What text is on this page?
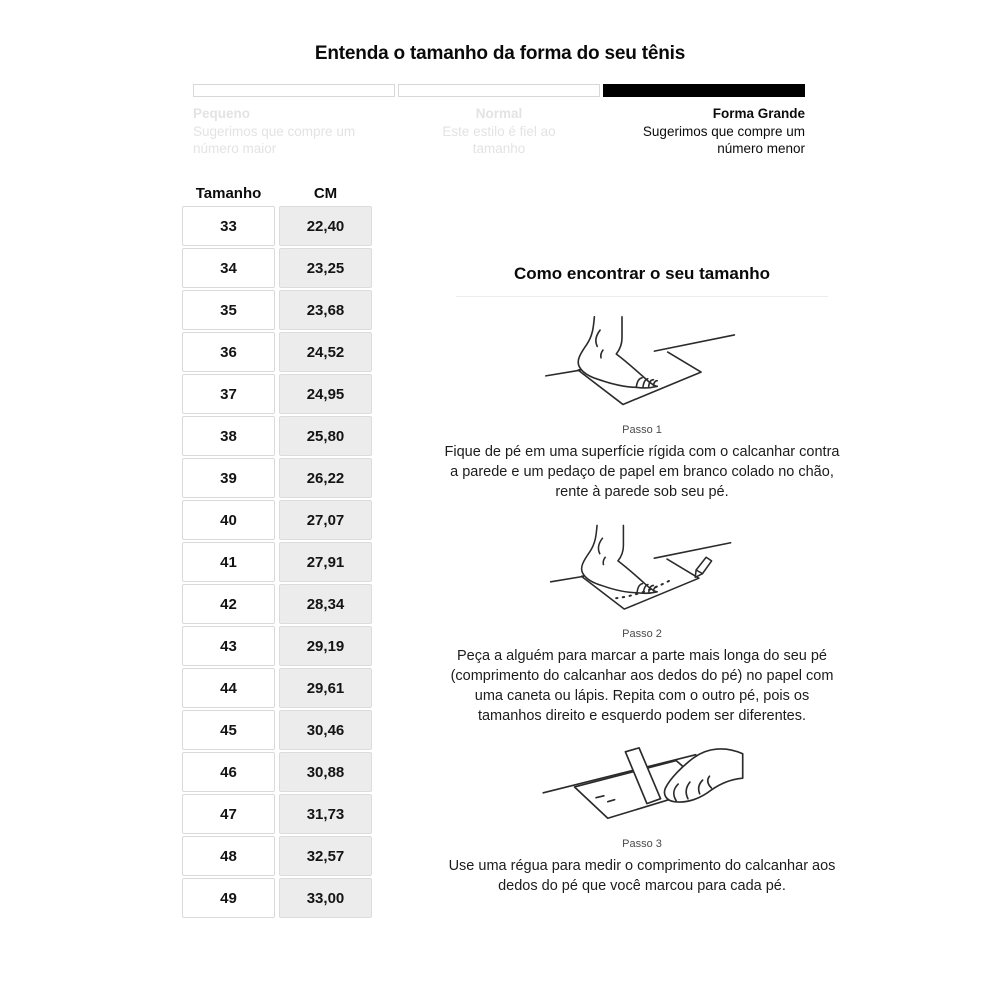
Entenda o tamanho da forma do seu tênis
Pequeno
Sugerimos que compre um número maior
Normal
Este estilo é fiel ao tamanho
Forma Grande
Sugerimos que compre um número menor
Tamanho	CM
33	22,40
34	23,25
35	23,68
36	24,52
37	24,95
38	25,80
39	26,22
40	27,07
41	27,91
42	28,34
43	29,19
44	29,61
45	30,46
46	30,88
47	31,73
48	32,57
49	33,00
Como encontrar o seu tamanho
Passo 1

Fique de pé em uma superfície rígida com o calcanhar contra a parede e um pedaço de papel em branco colado no chão, rente à parede sob seu pé.

Passo 2

Peça a alguém para marcar a parte mais longa do seu pé (comprimento do calcanhar aos dedos do pé) no papel com uma caneta ou lápis. Repita com o outro pé, pois os tamanhos direito e esquerdo podem ser diferentes.

Passo 3

Use uma régua para medir o comprimento do calcanhar aos dedos do pé que você marcou para cada pé.
